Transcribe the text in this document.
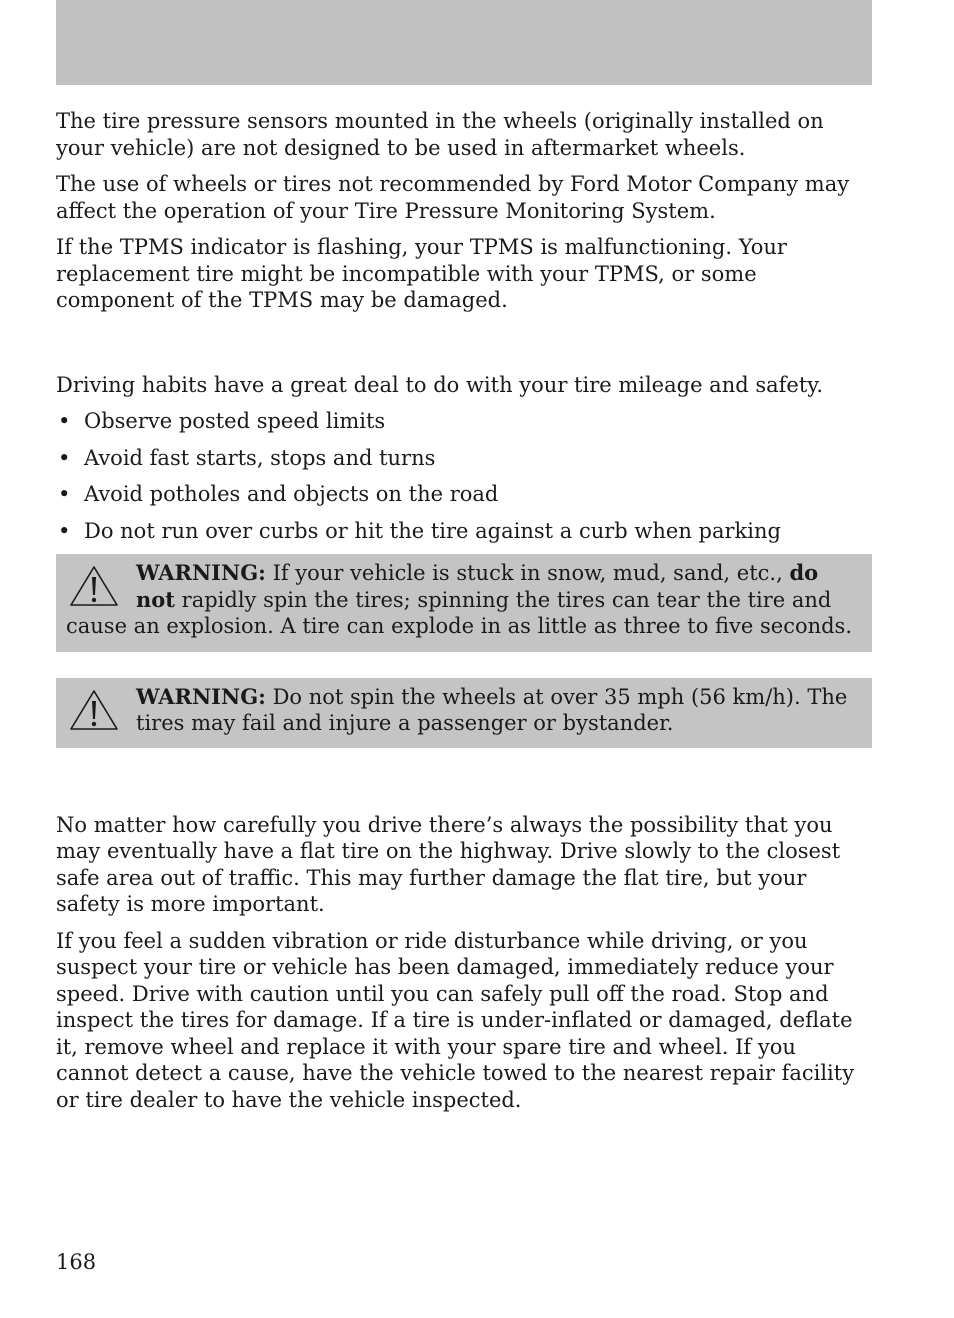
The tire pressure sensors mounted in the wheels (originally installed on your vehicle) are not designed to be used in aftermarket wheels.

The use of wheels or tires not recommended by Ford Motor Company may affect the operation of your Tire Pressure Monitoring System.

If the TPMS indicator is flashing, your TPMS is malfunctioning. Your replacement tire might be incompatible with your TPMS, or some component of the TPMS may be damaged.

Driving habits have a great deal to do with your tire mileage and safety.

• Observe posted speed limits
• Avoid fast starts, stops and turns
• Avoid potholes and objects on the road
• Do not run over curbs or hit the tire against a curb when parking
WARNING: If your vehicle is stuck in snow, mud, sand, etc., do not rapidly spin the tires; spinning the tires can tear the tire and cause an explosion. A tire can explode in as little as three to five seconds.
WARNING: Do not spin the wheels at over 35 mph (56 km/h). The tires may fail and injure a passenger or bystander.

No matter how carefully you drive there’s always the possibility that you may eventually have a flat tire on the highway. Drive slowly to the closest safe area out of traffic. This may further damage the flat tire, but your safety is more important.

If you feel a sudden vibration or ride disturbance while driving, or you suspect your tire or vehicle has been damaged, immediately reduce your speed. Drive with caution until you can safely pull off the road. Stop and inspect the tires for damage. If a tire is under-inflated or damaged, deflate it, remove wheel and replace it with your spare tire and wheel. If you cannot detect a cause, have the vehicle towed to the nearest repair facility or tire dealer to have the vehicle inspected.

168
